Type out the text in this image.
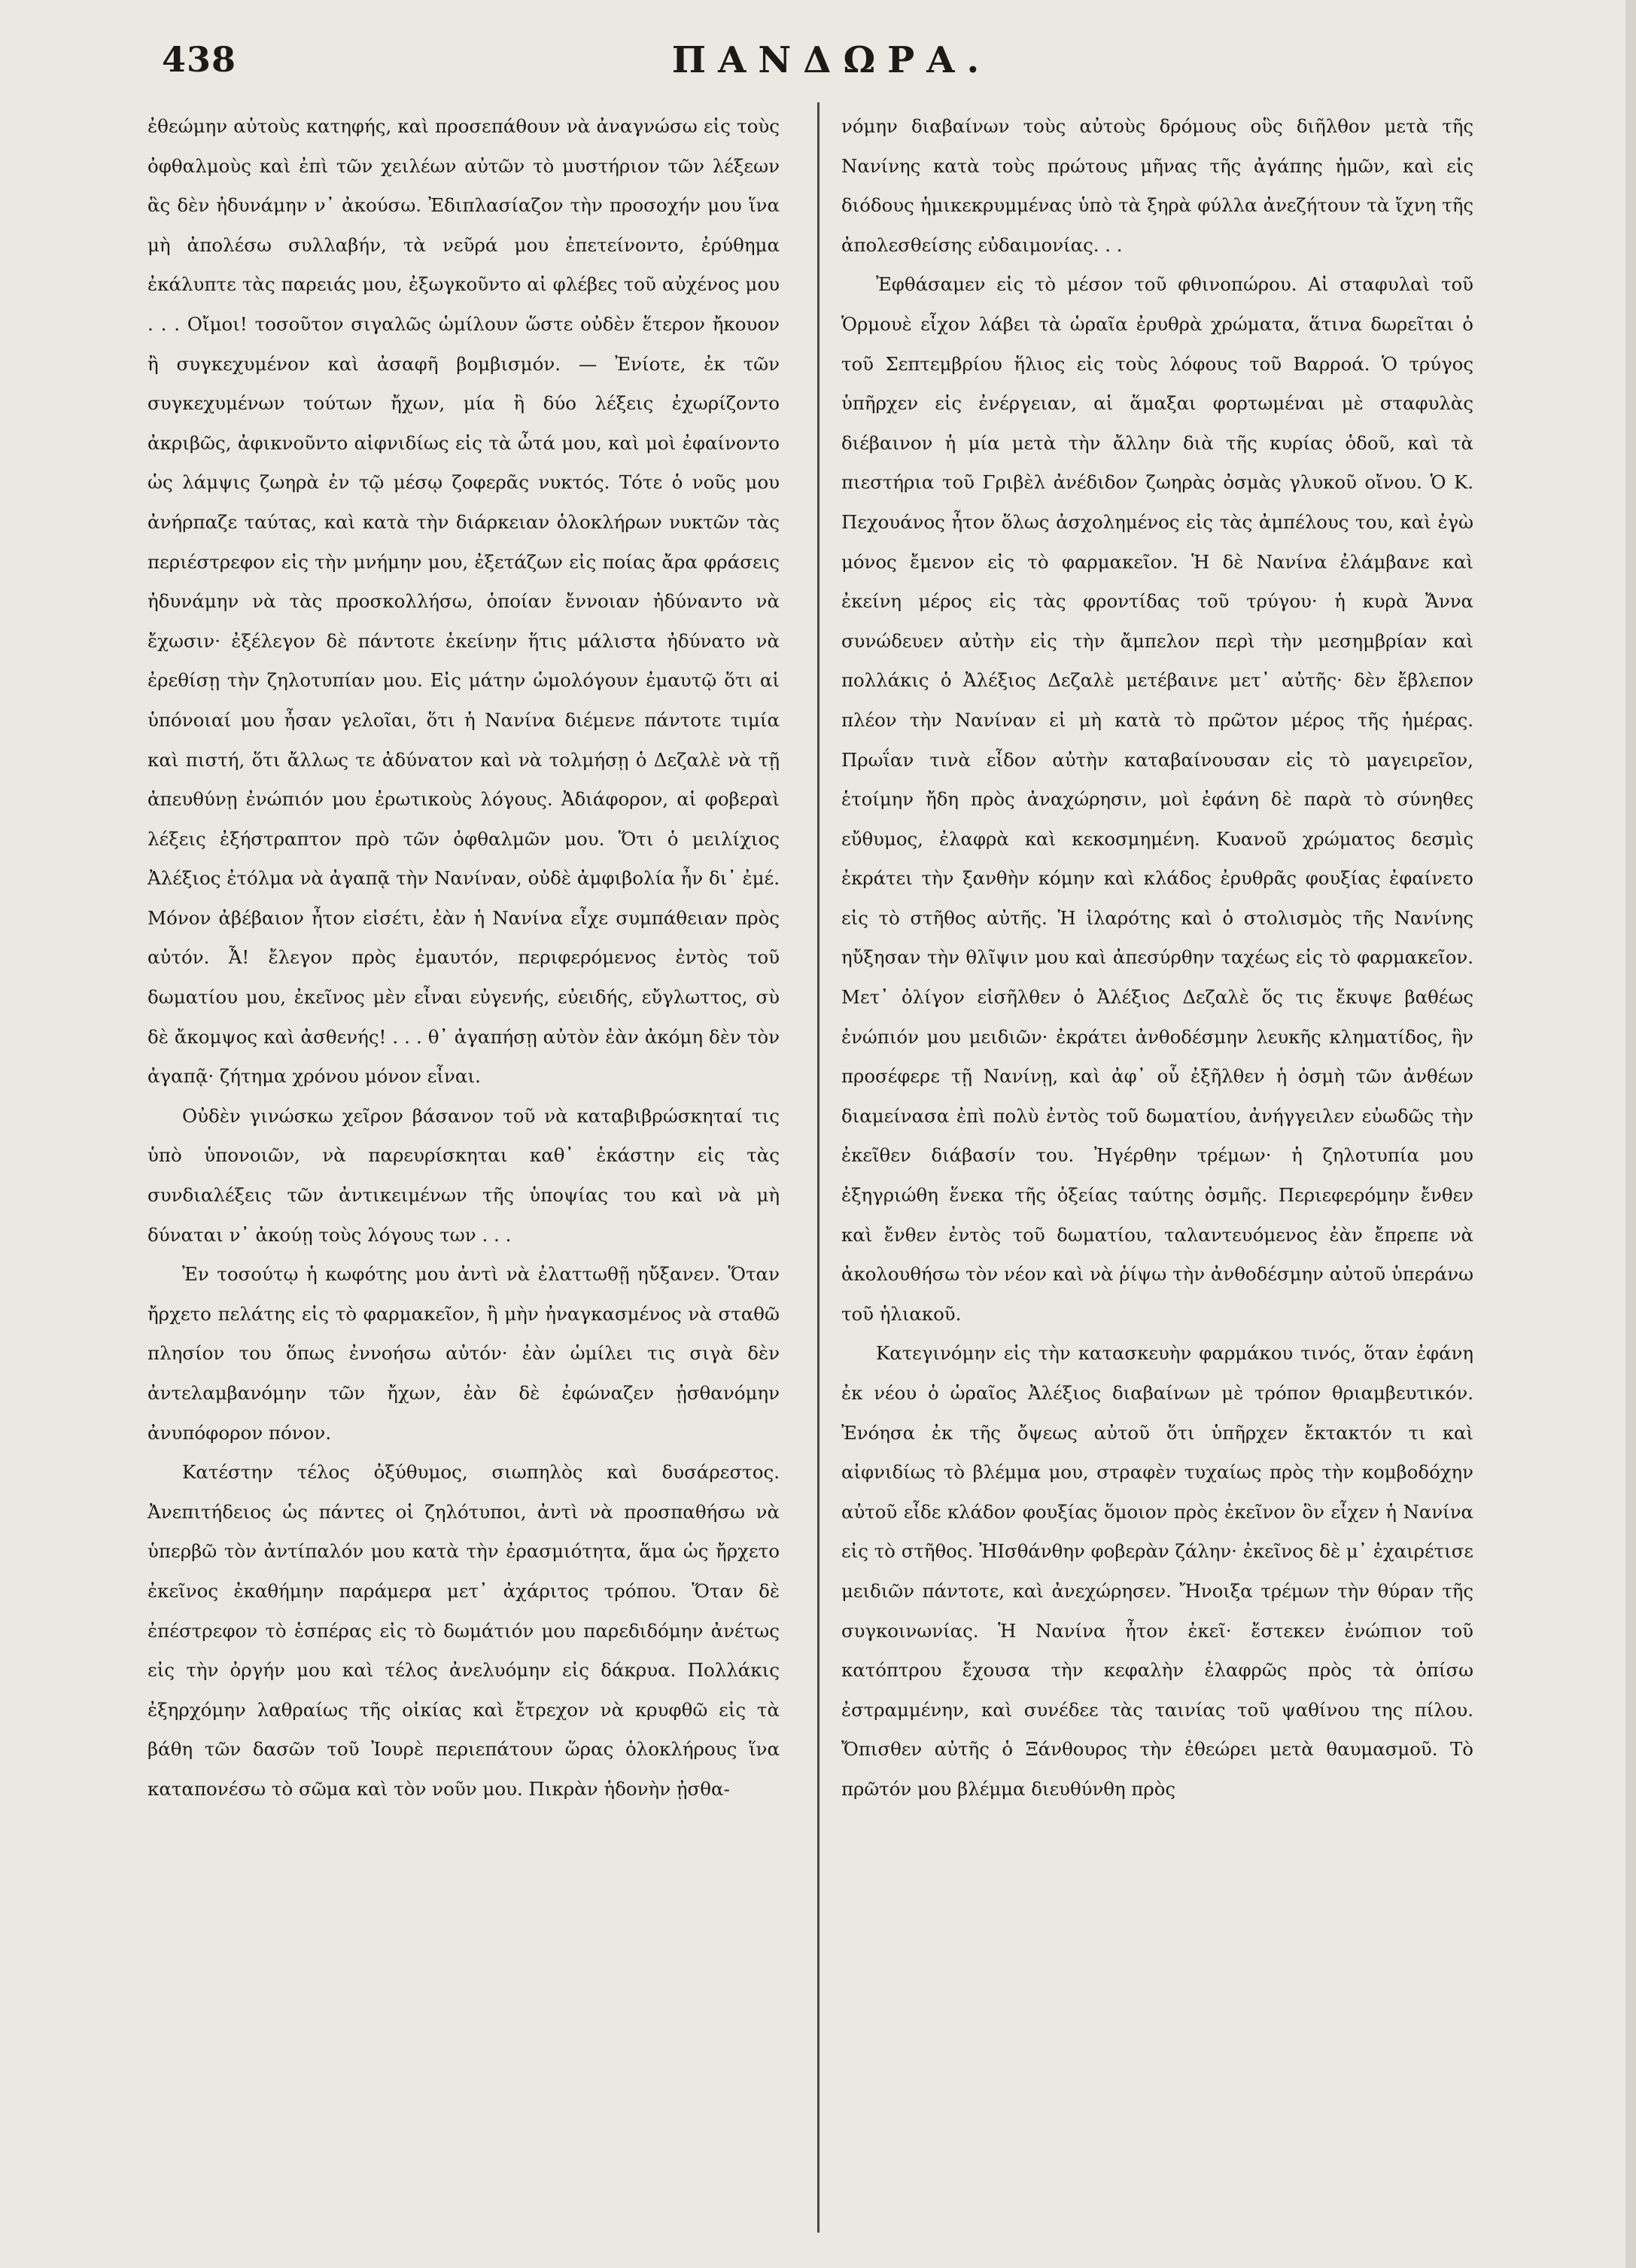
438	ΠΑΝΔΩΡΑ.

ἐθεώμην αὐτοὺς κατηφής, καὶ προσεπάθουν νὰ ἀναγνώσω εἰς τοὺς ὀφθαλμοὺς καὶ ἐπὶ τῶν χειλέων αὐτῶν τὸ μυστήριον τῶν λέξεων ἃς δὲν ἠδυνάμην ν᾿ ἀκούσω. Ἐδιπλασίαζον τὴν προσοχήν μου ἵνα μὴ ἀπολέσω συλλαβήν, τὰ νεῦρά μου ἐπετείνοντο, ἐρύθημα ἐκάλυπτε τὰς παρειάς μου, ἐξωγκοῦντο αἱ φλέβες τοῦ αὐχένος μου . . . Οἴμοι! τοσοῦτον σιγαλῶς ὡμίλουν ὥστε οὐδὲν ἕτερον ἤκουον ἢ συγκεχυμένον καὶ ἀσαφῆ βομβισμόν. — Ἐνίοτε, ἐκ τῶν συγκεχυμένων τούτων ἤχων, μία ἢ δύο λέξεις ἐχωρίζοντο ἀκριβῶς, ἀφικνοῦντο αἰφνιδίως εἰς τὰ ὦτά μου, καὶ μοὶ ἐφαίνοντο ὡς λάμψις ζωηρὰ ἐν τῷ μέσῳ ζοφερᾶς νυκτός. Τότε ὁ νοῦς μου ἀνήρπαζε ταύτας, καὶ κατὰ τὴν διάρκειαν ὁλοκλήρων νυκτῶν τὰς περιέστρεφον εἰς τὴν μνήμην μου, ἐξετάζων εἰς ποίας ἄρα φράσεις ἠδυνάμην νὰ τὰς προσκολλήσω, ὁποίαν ἔννοιαν ἠδύναντο νὰ ἔχωσιν· ἐξέλεγον δὲ πάντοτε ἐκείνην ἥτις μάλιστα ἠδύνατο νὰ ἐρεθίσῃ τὴν ζηλοτυπίαν μου. Εἰς μάτην ὡμολόγουν ἐμαυτῷ ὅτι αἱ ὑπόνοιαί μου ἦσαν γελοῖαι, ὅτι ἡ Νανίνα διέμενε πάντοτε τιμία καὶ πιστή, ὅτι ἄλλως τε ἀδύνατον καὶ νὰ τολμήσῃ ὁ Δεζαλὲ νὰ τῇ ἀπευθύνῃ ἐνώπιόν μου ἐρωτικοὺς λόγους. Ἀδιάφορον, αἱ φοβεραὶ λέξεις ἐξήστραπτον πρὸ τῶν ὀφθαλμῶν μου. Ὅτι ὁ μειλίχιος Ἀλέξιος ἐτόλμα νὰ ἀγαπᾷ τὴν Νανίναν, οὐδὲ ἀμφιβολία ἦν δι᾿ ἐμέ. Μόνον ἀβέβαιον ἦτον εἰσέτι, ἐὰν ἡ Νανίνα εἶχε συμπάθειαν πρὸς αὐτόν. Ἆ! ἔλεγον πρὸς ἐμαυτόν, περιφερόμενος ἐντὸς τοῦ δωματίου μου, ἐκεῖνος μὲν εἶναι εὐγενής, εὐειδής, εὔγλωττος, σὺ δὲ ἄκομψος καὶ ἀσθενής! . . . θ᾿ ἀγαπήσῃ αὐτὸν ἐὰν ἀκόμη δὲν τὸν ἀγαπᾷ· ζήτημα χρόνου μόνον εἶναι.

Οὐδὲν γινώσκω χεῖρον βάσανον τοῦ νὰ καταβιβρώσκηταί τις ὑπὸ ὑπονοιῶν, νὰ παρευρίσκηται καθ᾿ ἑκάστην εἰς τὰς συνδιαλέξεις τῶν ἀντικειμένων τῆς ὑποψίας του καὶ νὰ μὴ δύναται ν᾿ ἀκούῃ τοὺς λόγους των . . .

Ἐν τοσούτῳ ἡ κωφότης μου ἀντὶ νὰ ἐλαττωθῇ ηὔξανεν. Ὅταν ἤρχετο πελάτης εἰς τὸ φαρμακεῖον, ἢ μὴν ἠναγκασμένος νὰ σταθῶ πλησίον του ὅπως ἐννοήσω αὐτόν· ἐὰν ὡμίλει τις σιγὰ δὲν ἀντελαμβανόμην τῶν ἤχων, ἐὰν δὲ ἐφώναζεν ᾐσθανόμην ἀνυπόφορον πόνον.

Κατέστην τέλος ὀξύθυμος, σιωπηλὸς καὶ δυσάρεστος. Ἀνεπιτήδειος ὡς πάντες οἱ ζηλότυποι, ἀντὶ νὰ προσπαθήσω νὰ ὑπερβῶ τὸν ἀντίπαλόν μου κατὰ τὴν ἐρασμιότητα, ἅμα ὡς ἤρχετο ἐκεῖνος ἐκαθήμην παράμερα μετ᾿ ἀχάριτος τρόπου. Ὅταν δὲ ἐπέστρεφον τὸ ἑσπέρας εἰς τὸ δωμάτιόν μου παρεδιδόμην ἀνέτως εἰς τὴν ὀργήν μου καὶ τέλος ἀνελυόμην εἰς δάκρυα. Πολλάκις ἐξηρχόμην λαθραίως τῆς οἰκίας καὶ ἔτρεχον νὰ κρυφθῶ εἰς τὰ βάθη τῶν δασῶν τοῦ Ἰουρὲ περιεπάτουν ὥρας ὁλοκλήρους ἵνα καταπονέσω τὸ σῶμα καὶ τὸν νοῦν μου. Πικρὰν ἡδονὴν ᾐσθα-

νόμην διαβαίνων τοὺς αὐτοὺς δρόμους οὓς διῆλθον μετὰ τῆς Νανίνης κατὰ τοὺς πρώτους μῆνας τῆς ἀγάπης ἡμῶν, καὶ εἰς διόδους ἡμικεκρυμμένας ὑπὸ τὰ ξηρὰ φύλλα ἀνεζήτουν τὰ ἴχνη τῆς ἀπολεσθείσης εὐδαιμονίας. . .

Ἐφθάσαμεν εἰς τὸ μέσον τοῦ φθινοπώρου. Αἱ σταφυλαὶ τοῦ Ὁρμουὲ εἶχον λάβει τὰ ὡραῖα ἐρυθρὰ χρώματα, ἅτινα δωρεῖται ὁ τοῦ Σεπτεμβρίου ἥλιος εἰς τοὺς λόφους τοῦ Βαρροά. Ὁ τρύγος ὑπῆρχεν εἰς ἐνέργειαν, αἱ ἅμαξαι φορτωμέναι μὲ σταφυλὰς διέβαινον ἡ μία μετὰ τὴν ἄλλην διὰ τῆς κυρίας ὁδοῦ, καὶ τὰ πιεστήρια τοῦ Γριβὲλ ἀνέδιδον ζωηρὰς ὀσμὰς γλυκοῦ οἴνου. Ὁ Κ. Πεχουάνος ἦτον ὅλως ἀσχολημένος εἰς τὰς ἀμπέλους του, καὶ ἐγὼ μόνος ἔμενον εἰς τὸ φαρμακεῖον. Ἡ δὲ Νανίνα ἐλάμβανε καὶ ἐκείνη μέρος εἰς τὰς φροντίδας τοῦ τρύγου· ἡ κυρὰ Ἄννα συνώδευεν αὐτὴν εἰς τὴν ἄμπελον περὶ τὴν μεσημβρίαν καὶ πολλάκις ὁ Ἀλέξιος Δεζαλὲ μετέβαινε μετ᾿ αὐτῆς· δὲν ἔβλεπον πλέον τὴν Νανίναν εἰ μὴ κατὰ τὸ πρῶτον μέρος τῆς ἡμέρας. Πρωΐαν τινὰ εἶδον αὐτὴν καταβαίνουσαν εἰς τὸ μαγειρεῖον, ἑτοίμην ἤδη πρὸς ἀναχώρησιν, μοὶ ἐφάνη δὲ παρὰ τὸ σύνηθες εὔθυμος, ἐλαφρὰ καὶ κεκοσμημένη. Κυανοῦ χρώματος δεσμὶς ἐκράτει τὴν ξανθὴν κόμην καὶ κλάδος ἐρυθρᾶς φουξίας ἐφαίνετο εἰς τὸ στῆθος αὐτῆς. Ἡ ἱλαρότης καὶ ὁ στολισμὸς τῆς Νανίνης ηὔξησαν τὴν θλῖψιν μου καὶ ἀπεσύρθην ταχέως εἰς τὸ φαρμακεῖον. Μετ᾿ ὀλίγον εἰσῆλθεν ὁ Ἀλέξιος Δεζαλὲ ὅς τις ἔκυψε βαθέως ἐνώπιόν μου μειδιῶν· ἐκράτει ἀνθοδέσμην λευκῆς κληματίδος, ἣν προσέφερε τῇ Νανίνῃ, καὶ ἀφ᾿ οὗ ἐξῆλθεν ἡ ὀσμὴ τῶν ἀνθέων διαμείνασα ἐπὶ πολὺ ἐντὸς τοῦ δωματίου, ἀνήγγειλεν εὐωδῶς τὴν ἐκεῖθεν διάβασίν του. Ἠγέρθην τρέμων· ἡ ζηλοτυπία μου ἐξηγριώθη ἕνεκα τῆς ὀξείας ταύτης ὀσμῆς. Περιεφερόμην ἔνθεν καὶ ἔνθεν ἐντὸς τοῦ δωματίου, ταλαντευόμενος ἐὰν ἔπρεπε νὰ ἀκολουθήσω τὸν νέον καὶ νὰ ῥίψω τὴν ἀνθοδέσμην αὐτοῦ ὑπεράνω τοῦ ἡλιακοῦ.

Κατεγινόμην εἰς τὴν κατασκευὴν φαρμάκου τινός, ὅταν ἐφάνη ἐκ νέου ὁ ὡραῖος Ἀλέξιος διαβαίνων μὲ τρόπον θριαμβευτικόν. Ἐνόησα ἐκ τῆς ὄψεως αὐτοῦ ὅτι ὑπῆρχεν ἔκτακτόν τι καὶ αἰφνιδίως τὸ βλέμμα μου, στραφὲν τυχαίως πρὸς τὴν κομβοδόχην αὐτοῦ εἶδε κλάδον φουξίας ὅμοιον πρὸς ἐκεῖνον ὃν εἶχεν ἡ Νανίνα εἰς τὸ στῆθος. ἨΙσθάνθην φοβερὰν ζάλην· ἐκεῖνος δὲ μ᾿ ἐχαιρέτισε μειδιῶν πάντοτε, καὶ ἀνεχώρησεν. Ἤνοιξα τρέμων τὴν θύραν τῆς συγκοινωνίας. Ἡ Νανίνα ἦτον ἐκεῖ· ἔστεκεν ἐνώπιον τοῦ κατόπτρου ἔχουσα τὴν κεφαλὴν ἐλαφρῶς πρὸς τὰ ὀπίσω ἐστραμμένην, καὶ συνέδεε τὰς ταινίας τοῦ ψαθίνου της πίλου. Ὄπισθεν αὐτῆς ὁ Ξάνθουρος τὴν ἐθεώρει μετὰ θαυμασμοῦ. Τὸ πρῶτόν μου βλέμμα διευθύνθη πρὸς
